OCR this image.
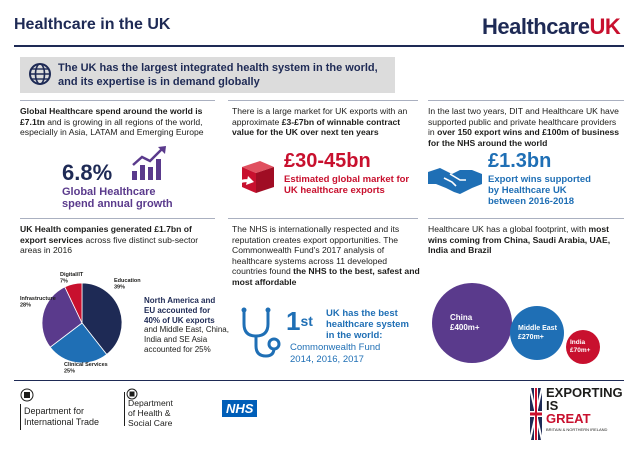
Healthcare in the UK	HealthcareUK
The UK has the largest integrated health system in the world,
and its expertise is in demand globally
Global Healthcare spend around the world is £7.1tn and is growing in all regions of the world, especially in Asia, LATAM and Emerging Europe
6.8%
Global Healthcare
spend annual growth
There is a large market for UK exports with an approximate £3-£7bn of winnable contract value for the UK over next ten years
£30-45bn
Estimated global market for
UK healthcare exports
In the last two years, DIT and Healthcare UK have supported public and private healthcare providers in over 150 export wins and £100m of business for the NHS around the world
£1.3bn
Export wins supported
by Healthcare UK
between 2016-2018
UK Health companies generated £1.7bn of export services across five distinct sub-sector areas in 2016
Education 39%
Clinical Services 25%
Infrastructure 28%
Digital/IT 7%
North America and
EU accounted for
40% of UK exports
and Middle East, China,
India and SE Asia
accounted for 25%
The NHS is internationally respected and its reputation creates export opportunities. The Commonwealth Fund's 2017 analysis of healthcare systems across 11 developed countries found the NHS to the best, safest and most affordable
1st UK has the best
healthcare system
in the world:
Commonwealth Fund
2014, 2016, 2017
Healthcare UK has a global footprint, with most wins coming from China, Saudi Arabia, UAE, India and Brazil
China
£400m+	Middle East
£270m+
India
£70m+
Department for
International Trade
Department
of Health &
Social Care
NHS
EXPORTING
IS
GREAT
BRITAIN & NORTHERN IRELAND
